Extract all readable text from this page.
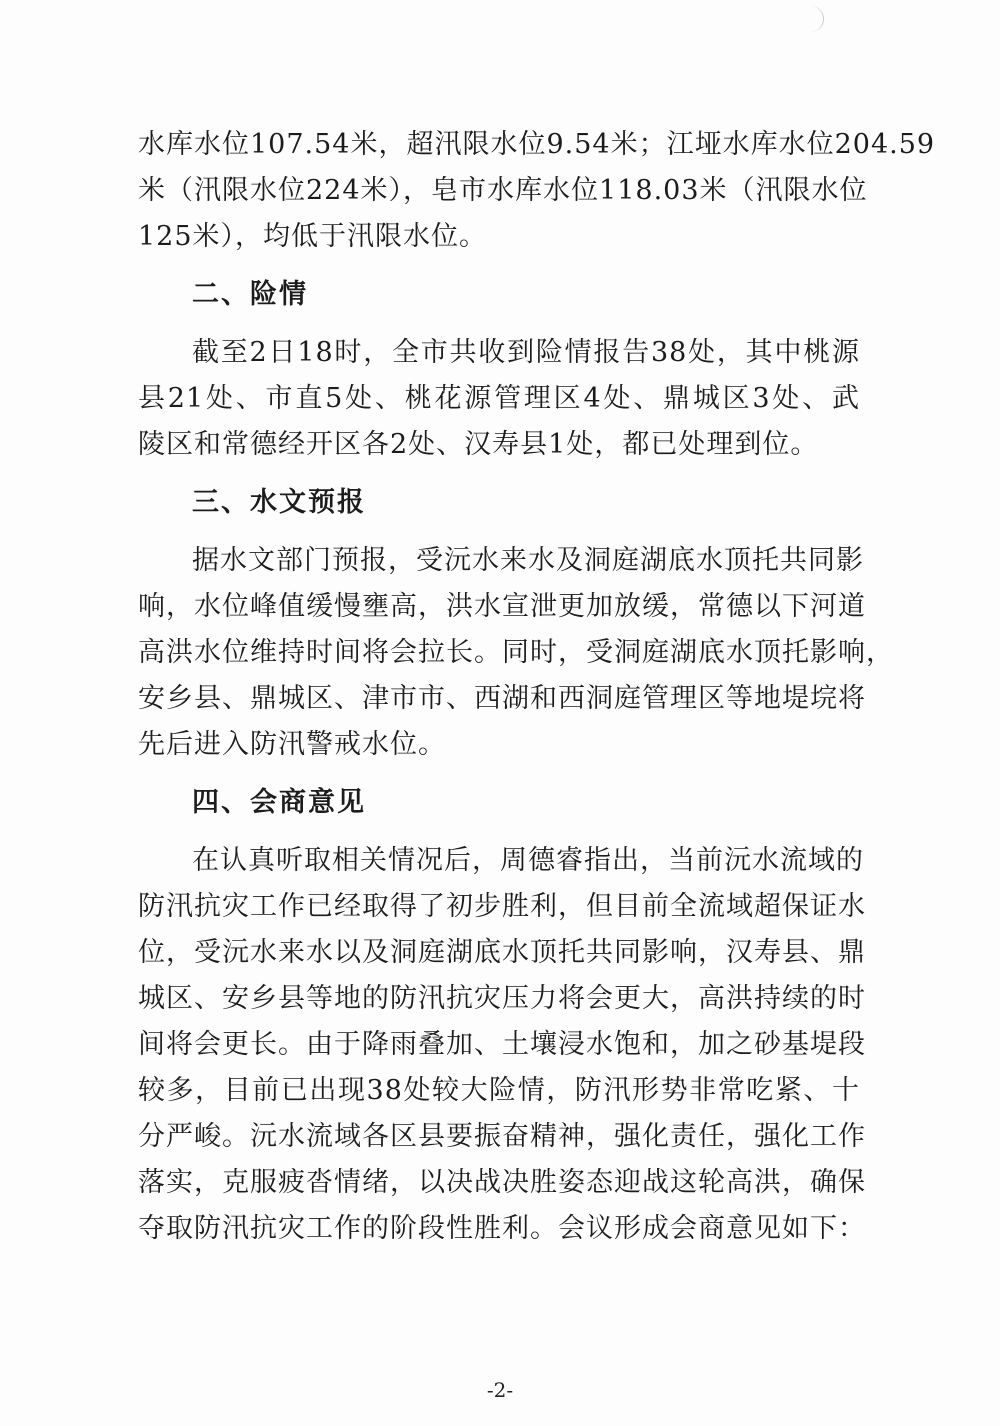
水库水位107.54米，超汛限水位9.54米；江垭水库水位204.59
米（汛限水位224米），皂市水库水位118.03米（汛限水位
125米），均低于汛限水位。
二、险情
截至2日18时，全市共收到险情报告38处，其中桃源
县21处、市直5处、桃花源管理区4处、鼎城区3处、武
陵区和常德经开区各2处、汉寿县1处，都已处理到位。
三、水文预报
据水文部门预报，受沅水来水及洞庭湖底水顶托共同影
响，水位峰值缓慢壅高，洪水宣泄更加放缓，常德以下河道
高洪水位维持时间将会拉长。同时，受洞庭湖底水顶托影响，
安乡县、鼎城区、津市市、西湖和西洞庭管理区等地堤垸将
先后进入防汛警戒水位。
四、会商意见
在认真听取相关情况后，周德睿指出，当前沅水流域的
防汛抗灾工作已经取得了初步胜利，但目前全流域超保证水
位，受沅水来水以及洞庭湖底水顶托共同影响，汉寿县、鼎
城区、安乡县等地的防汛抗灾压力将会更大，高洪持续的时
间将会更长。由于降雨叠加、土壤浸水饱和，加之砂基堤段
较多，目前已出现38处较大险情，防汛形势非常吃紧、十
分严峻。沅水流域各区县要振奋精神，强化责任，强化工作
落实，克服疲沓情绪，以决战决胜姿态迎战这轮高洪，确保
夺取防汛抗灾工作的阶段性胜利。会议形成会商意见如下：
-2-
